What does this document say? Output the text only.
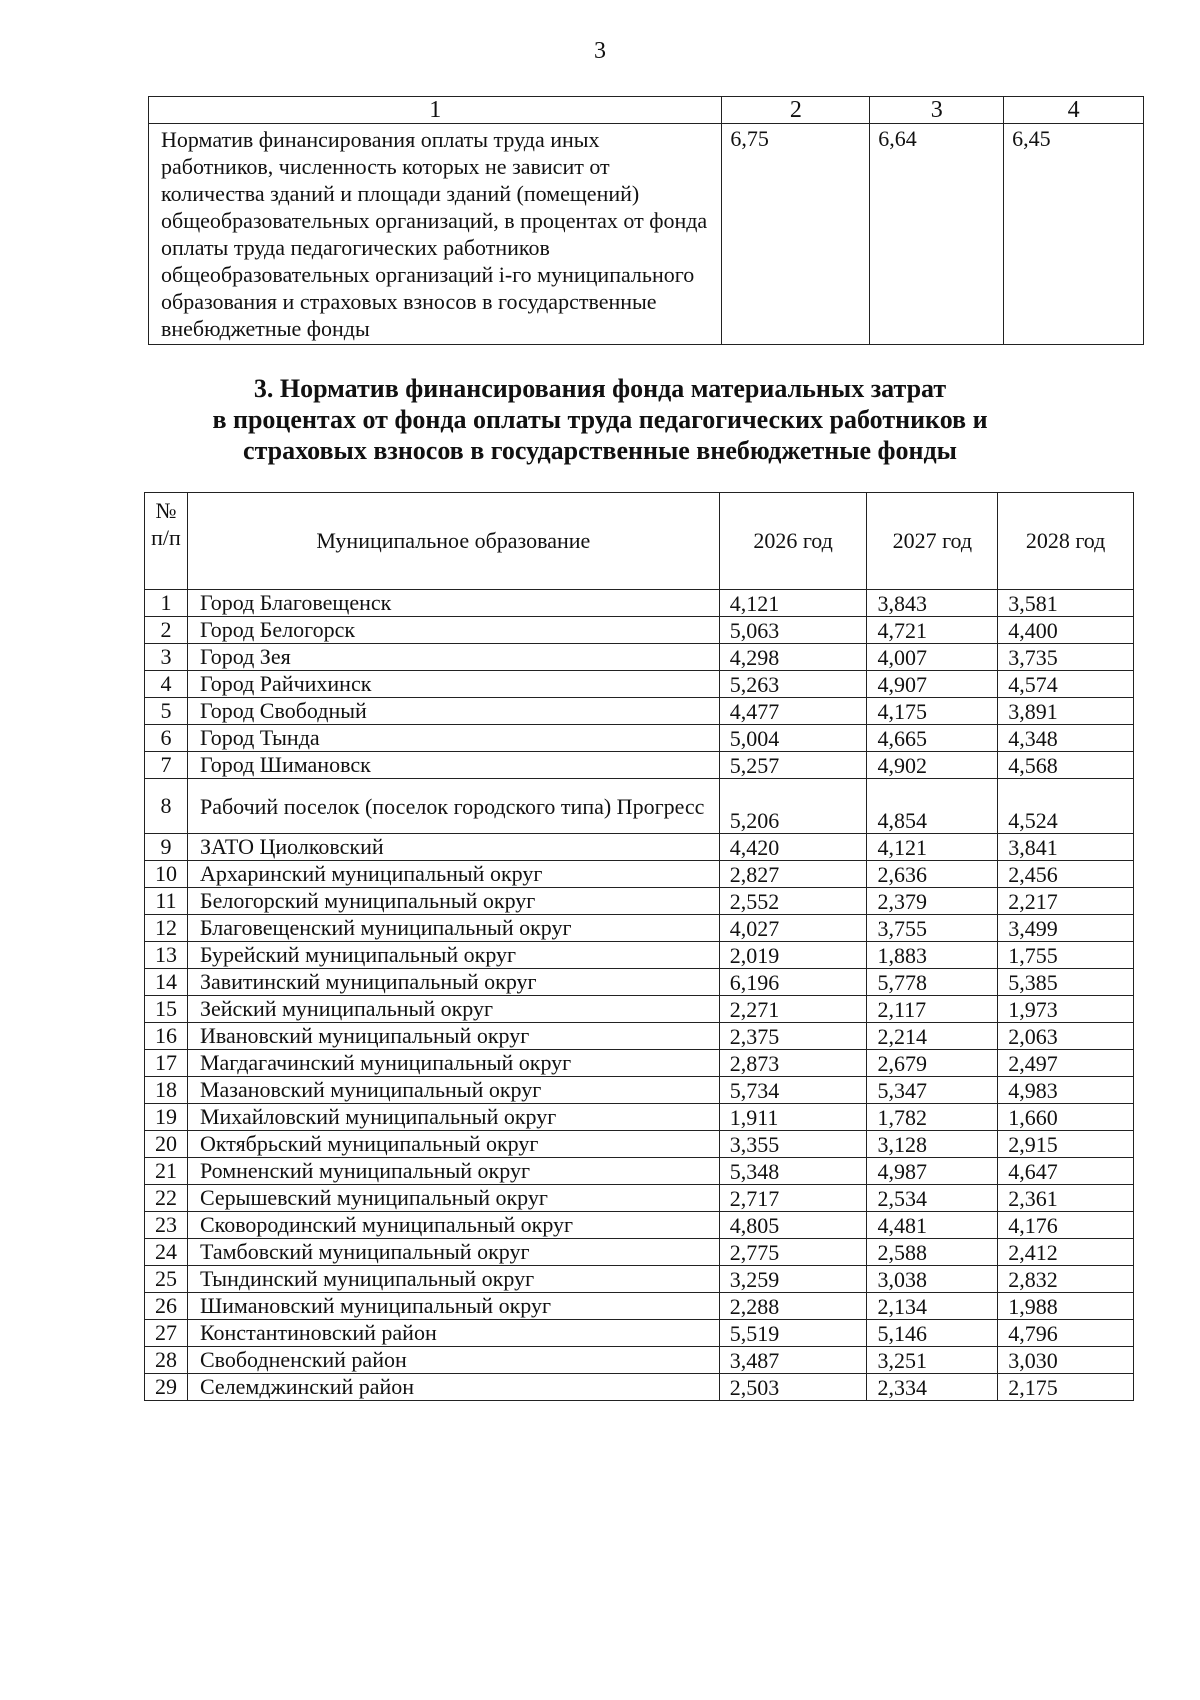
3
1	2	3	4
Норматив финансирования оплаты труда иных работников, численность которых не зависит от количества зданий и площади зданий (помещений) общеобразовательных организаций, в процентах от фонда оплаты труда педагогических работников общеобразовательных организаций i-го муниципального образования и страховых взносов в государственные внебюджетные фонды	6,75	6,64	6,45
3. Норматив финансирования фонда материальных затрат
в процентах от фонда оплаты труда педагогических работников и
страховых взносов в государственные внебюджетные фонды
№ п/п	Муниципальное образование	2026 год	2027 год	2028 год
1	Город Благовещенск	4,121	3,843	3,581
2	Город Белогорск	5,063	4,721	4,400
3	Город Зея	4,298	4,007	3,735
4	Город Райчихинск	5,263	4,907	4,574
5	Город Свободный	4,477	4,175	3,891
6	Город Тында	5,004	4,665	4,348
7	Город Шимановск	5,257	4,902	4,568
8	Рабочий поселок (поселок городского типа) Прогресс	5,206	4,854	4,524
9	ЗАТО Циолковский	4,420	4,121	3,841
10	Архаринский муниципальный округ	2,827	2,636	2,456
11	Белогорский муниципальный округ	2,552	2,379	2,217
12	Благовещенский муниципальный округ	4,027	3,755	3,499
13	Бурейский муниципальный округ	2,019	1,883	1,755
14	Завитинский муниципальный округ	6,196	5,778	5,385
15	Зейский муниципальный округ	2,271	2,117	1,973
16	Ивановский муниципальный округ	2,375	2,214	2,063
17	Магдагачинский муниципальный округ	2,873	2,679	2,497
18	Мазановский муниципальный округ	5,734	5,347	4,983
19	Михайловский муниципальный округ	1,911	1,782	1,660
20	Октябрьский муниципальный округ	3,355	3,128	2,915
21	Ромненский муниципальный округ	5,348	4,987	4,647
22	Серышевский муниципальный округ	2,717	2,534	2,361
23	Сковородинский муниципальный округ	4,805	4,481	4,176
24	Тамбовский муниципальный округ	2,775	2,588	2,412
25	Тындинский муниципальный округ	3,259	3,038	2,832
26	Шимановский муниципальный округ	2,288	2,134	1,988
27	Константиновский район	5,519	5,146	4,796
28	Свободненский район	3,487	3,251	3,030
29	Селемджинский район	2,503	2,334	2,175
